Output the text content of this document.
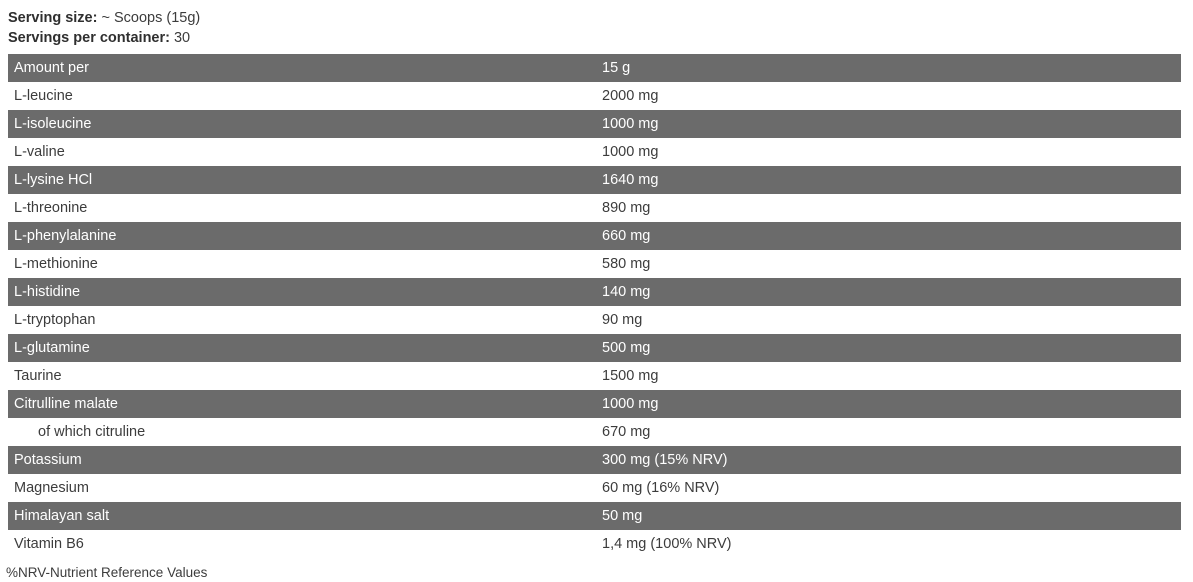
Serving size: ~ Scoops (15g)
Servings per container: 30
Amount per	15 g
L-leucine	2000 mg
L-isoleucine	1000 mg
L-valine	1000 mg
L-lysine HCl	1640 mg
L-threonine	890 mg
L-phenylalanine	660 mg
L-methionine	580 mg
L-histidine	140 mg
L-tryptophan	90 mg
L-glutamine	500 mg
Taurine	1500 mg
Citrulline malate	1000 mg
of which citruline	670 mg
Potassium	300 mg (15% NRV)
Magnesium	60 mg (16% NRV)
Himalayan salt	50 mg
Vitamin B6	1,4 mg (100% NRV)
%NRV-Nutrient Reference Values
